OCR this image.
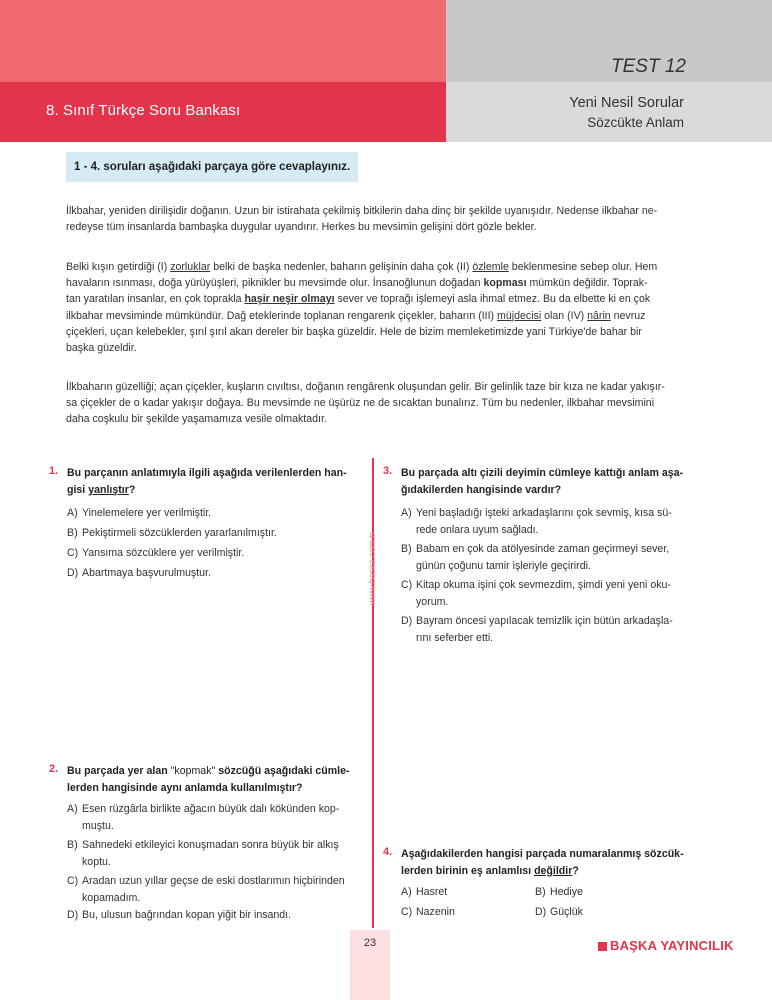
8. Sınıf Türkçe Soru Bankası
TEST 12
Yeni Nesil Sorular
Sözcükte Anlam
1 - 4. soruları aşağıdaki parçaya göre cevaplayınız.

İlkbahar, yeniden dirilişidir doğanın. Uzun bir istirahata çekilmiş bitkilerin daha dinç bir şekilde uyanışıdır. Nedense ilkbahar ne-

redeyse tüm insanlarda bambaşka duygular uyandırır. Herkes bu mevsimin gelişini dört gözle bekler.

Belki kışın getirdiği (I) zorluklar belki de başka nedenler, baharın gelişinin daha çok (II) özlemle beklenmesine sebep olur. Hem

havaların ısınması, doğa yürüyüşleri, piknikler bu mevsimde olur. İnsanoğlunun doğadan kopması mümkün değildir. Toprak-

tan yaratılan insanlar, en çok toprakla haşir neşir olmayı sever ve toprağı işlemeyi asla ihmal etmez. Bu da elbette ki en çok

ilkbahar mevsiminde mümkündür. Dağ eteklerinde toplanan rengarenk çiçekler, baharın (III) müjdecisi olan (IV) nârin nevruz

çiçekleri, uçan kelebekler, şırıl şırıl akan dereler bir başka güzeldir. Hele de bizim memleketimizde yani Türkiye'de bahar bir

başka güzeldir.

İlkbaharın güzelliği; açan çiçekler, kuşların cıvıltısı, doğanın rengârenk oluşundan gelir. Bir gelinlik taze bir kıza ne kadar yakışır-

sa çiçekler de o kadar yakışır doğaya. Bu mevsimde ne üşürüz ne de sıcaktan bunalırız. Tüm bu nedenler, ilkbahar mevsimini

daha coşkulu bir şekilde yaşamamıza vesile olmaktadır.

www.baska.com.tr
1. Bu parçanın anlatımıyla ilgili aşağıda verilenlerden han-
gisi yanlıştır?
A) Yinelemelere yer verilmiştir.
B) Pekiştirmeli sözcüklerden yararlanılmıştır.
C) Yansıma sözcüklere yer verilmiştir.
D) Abartmaya başvurulmuştur.
2. Bu parçada yer alan "kopmak" sözcüğü aşağıdaki cümle-
lerden hangisinde aynı anlamda kullanılmıştır?
A) Esen rüzgârla birlikte ağacın büyük dalı kökünden kop-
muştu.
B) Sahnedeki etkileyici konuşmadan sonra büyük bir alkış
koptu.
C) Aradan uzun yıllar geçse de eski dostlarımın hiçbirinden
kopamadım.
D) Bu, ulusun bağrından kopan yiğit bir insandı.
3. Bu parçada altı çizili deyimin cümleye kattığı anlam aşa-
ğıdakilerden hangisinde vardır?
A) Yeni başladığı işteki arkadaşlarını çok sevmiş, kısa sü-
rede onlara uyum sağladı.
B) Babam en çok da atölyesinde zaman geçirmeyi sever,
günün çoğunu tamir işleriyle geçirirdi.
C) Kitap okuma işini çok sevmezdim, şimdi yeni yeni oku-
yorum.
D) Bayram öncesi yapılacak temizlik için bütün arkadaşla-
rını seferber etti.
4. Aşağıdakilerden hangisi parçada numaralanmış sözcük-
lerden birinin eş anlamlısı değildir?
A) Hasret	B) Hediye
C) Nazenin	D) Güçlük
23	BAŞKA YAYINCILIK
